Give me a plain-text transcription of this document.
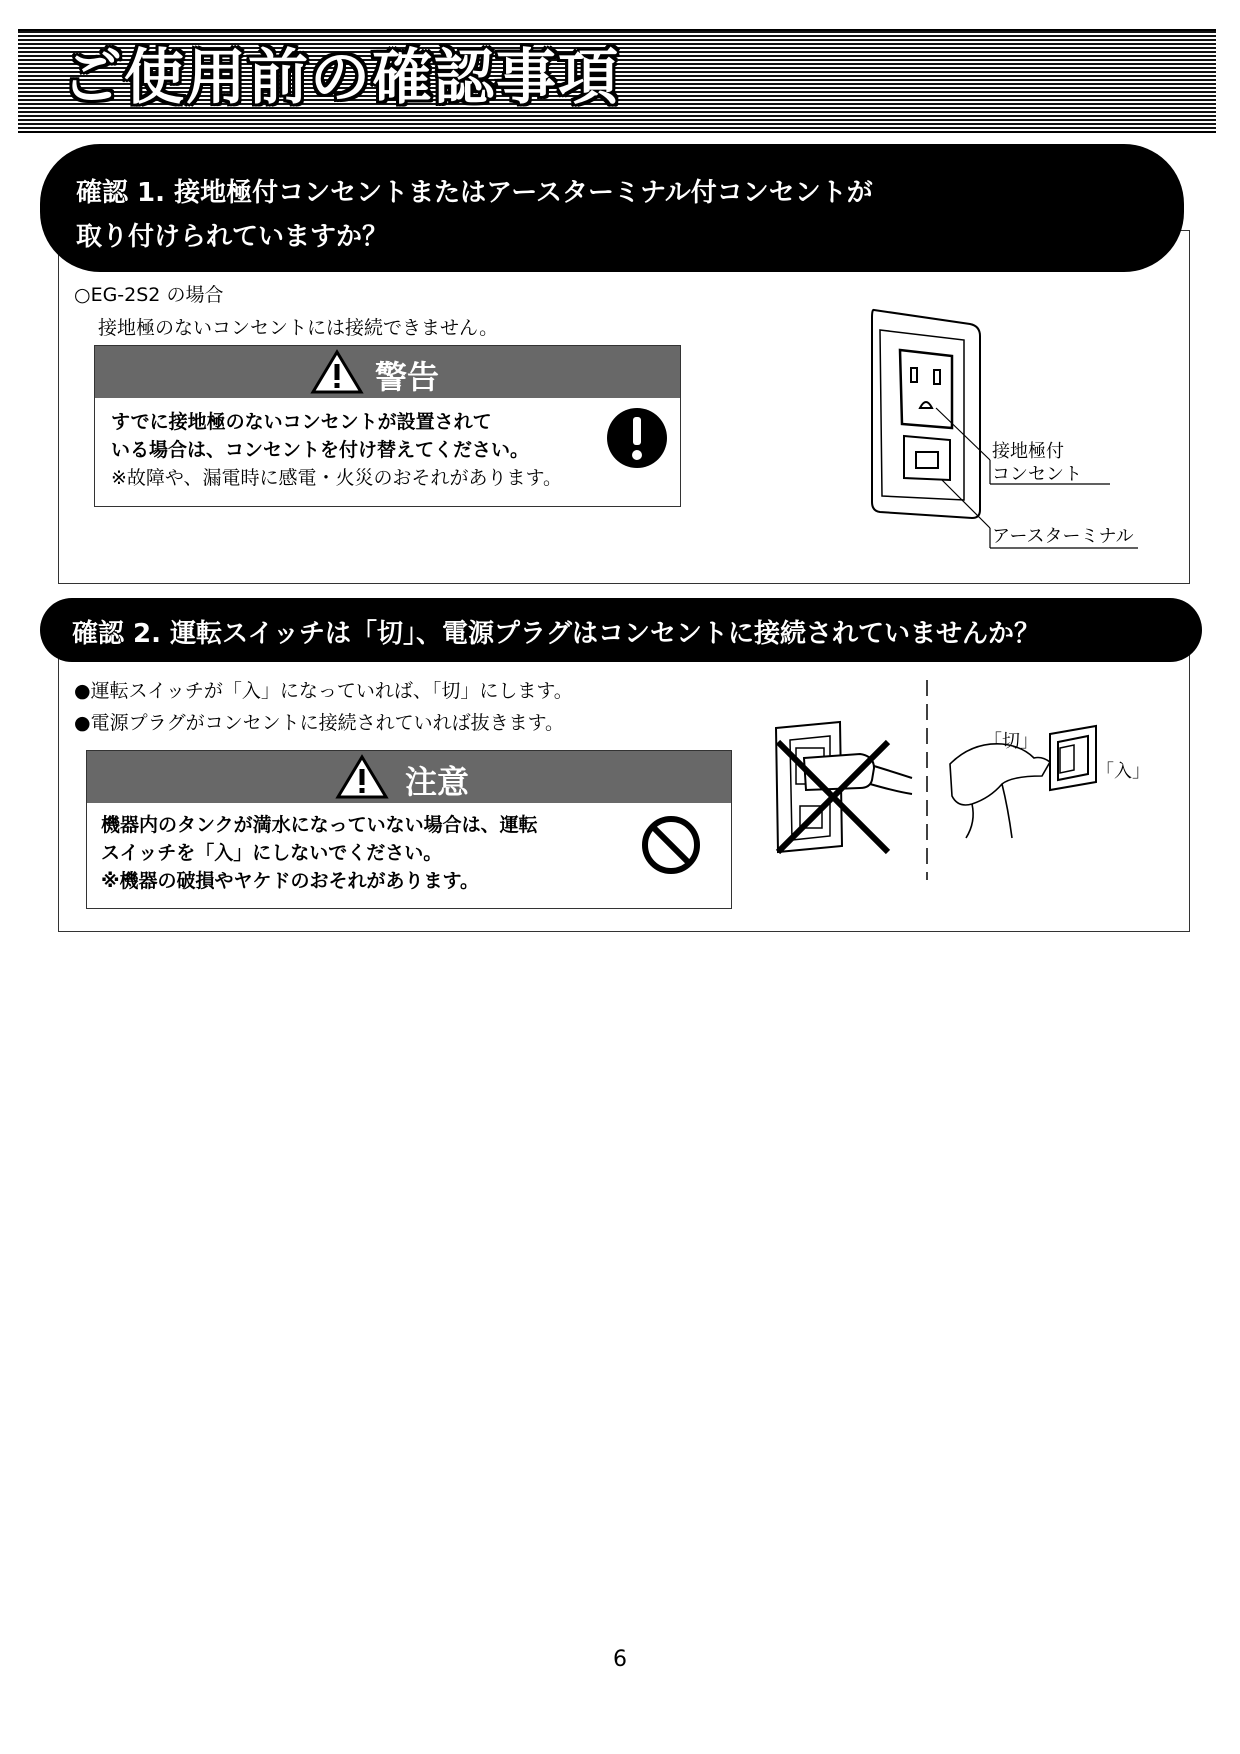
ご使用前の確認事項
確認 1. 接地極付コンセントまたはアースターミナル付コンセントが
取り付けられていますか？
○EG-2S2 の場合
接地極のないコンセントには接続できません。
警告
すでに接地極のないコンセントが設置されて
いる場合は、コンセントを付け替えてください。
※故障や、漏電時に感電・火災のおそれがあります。
接地極付
コンセント
アースターミナル
確認 2. 運転スイッチは「切」、電源プラグはコンセントに接続されていませんか？
●運転スイッチが「入」になっていれば、「切」にします。
●電源プラグがコンセントに接続されていれば抜きます。
注意
機器内のタンクが満水になっていない場合は、運転
スイッチを「入」にしないでください。
※機器の破損やヤケドのおそれがあります。
「切」
「入」
6
